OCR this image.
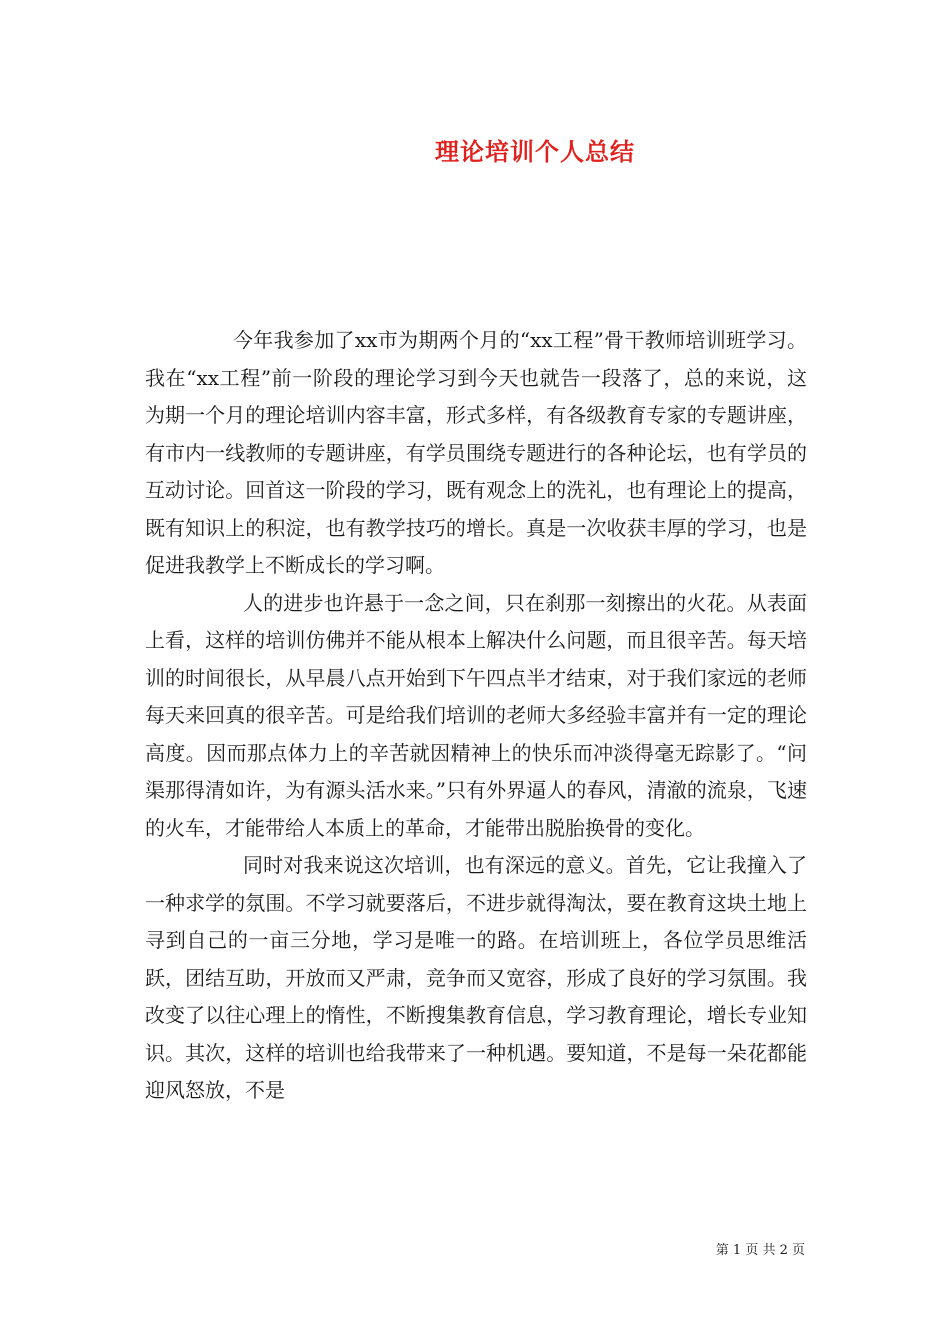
理论培训个人总结

今年我参加了xx市为期两个月的“xx工程”骨干教师培训班学习。我在“xx工程”前一阶段的理论学习到今天也就告一段落了，总的来说，这为期一个月的理论培训内容丰富，形式多样，有各级教育专家的专题讲座，有市内一线教师的专题讲座，有学员围绕专题进行的各种论坛，也有学员的互动讨论。回首这一阶段的学习，既有观念上的洗礼，也有理论上的提高，既有知识上的积淀，也有教学技巧的增长。真是一次收获丰厚的学习，也是促进我教学上不断成长的学习啊。

人的进步也许悬于一念之间，只在刹那一刻擦出的火花。从表面上看，这样的培训仿佛并不能从根本上解决什么问题，而且很辛苦。每天培训的时间很长，从早晨八点开始到下午四点半才结束，对于我们家远的老师每天来回真的很辛苦。可是给我们培训的老师大多经验丰富并有一定的理论高度。因而那点体力上的辛苦就因精神上的快乐而冲淡得毫无踪影了。“问渠那得清如许，为有源头活水来。”只有外界逼人的春风，清澈的流泉，飞速的火车，才能带给人本质上的革命，才能带出脱胎换骨的变化。

同时对我来说这次培训，也有深远的意义。首先，它让我撞入了一种求学的氛围。不学习就要落后，不进步就得淘汰，要在教育这块土地上寻到自己的一亩三分地，学习是唯一的路。在培训班上，各位学员思维活跃，团结互助，开放而又严肃，竞争而又宽容，形成了良好的学习氛围。我改变了以往心理上的惰性，不断搜集教育信息，学习教育理论，增长专业知识。其次，这样的培训也给我带来了一种机遇。要知道，不是每一朵花都能迎风怒放，不是

第 1 页 共 2 页
